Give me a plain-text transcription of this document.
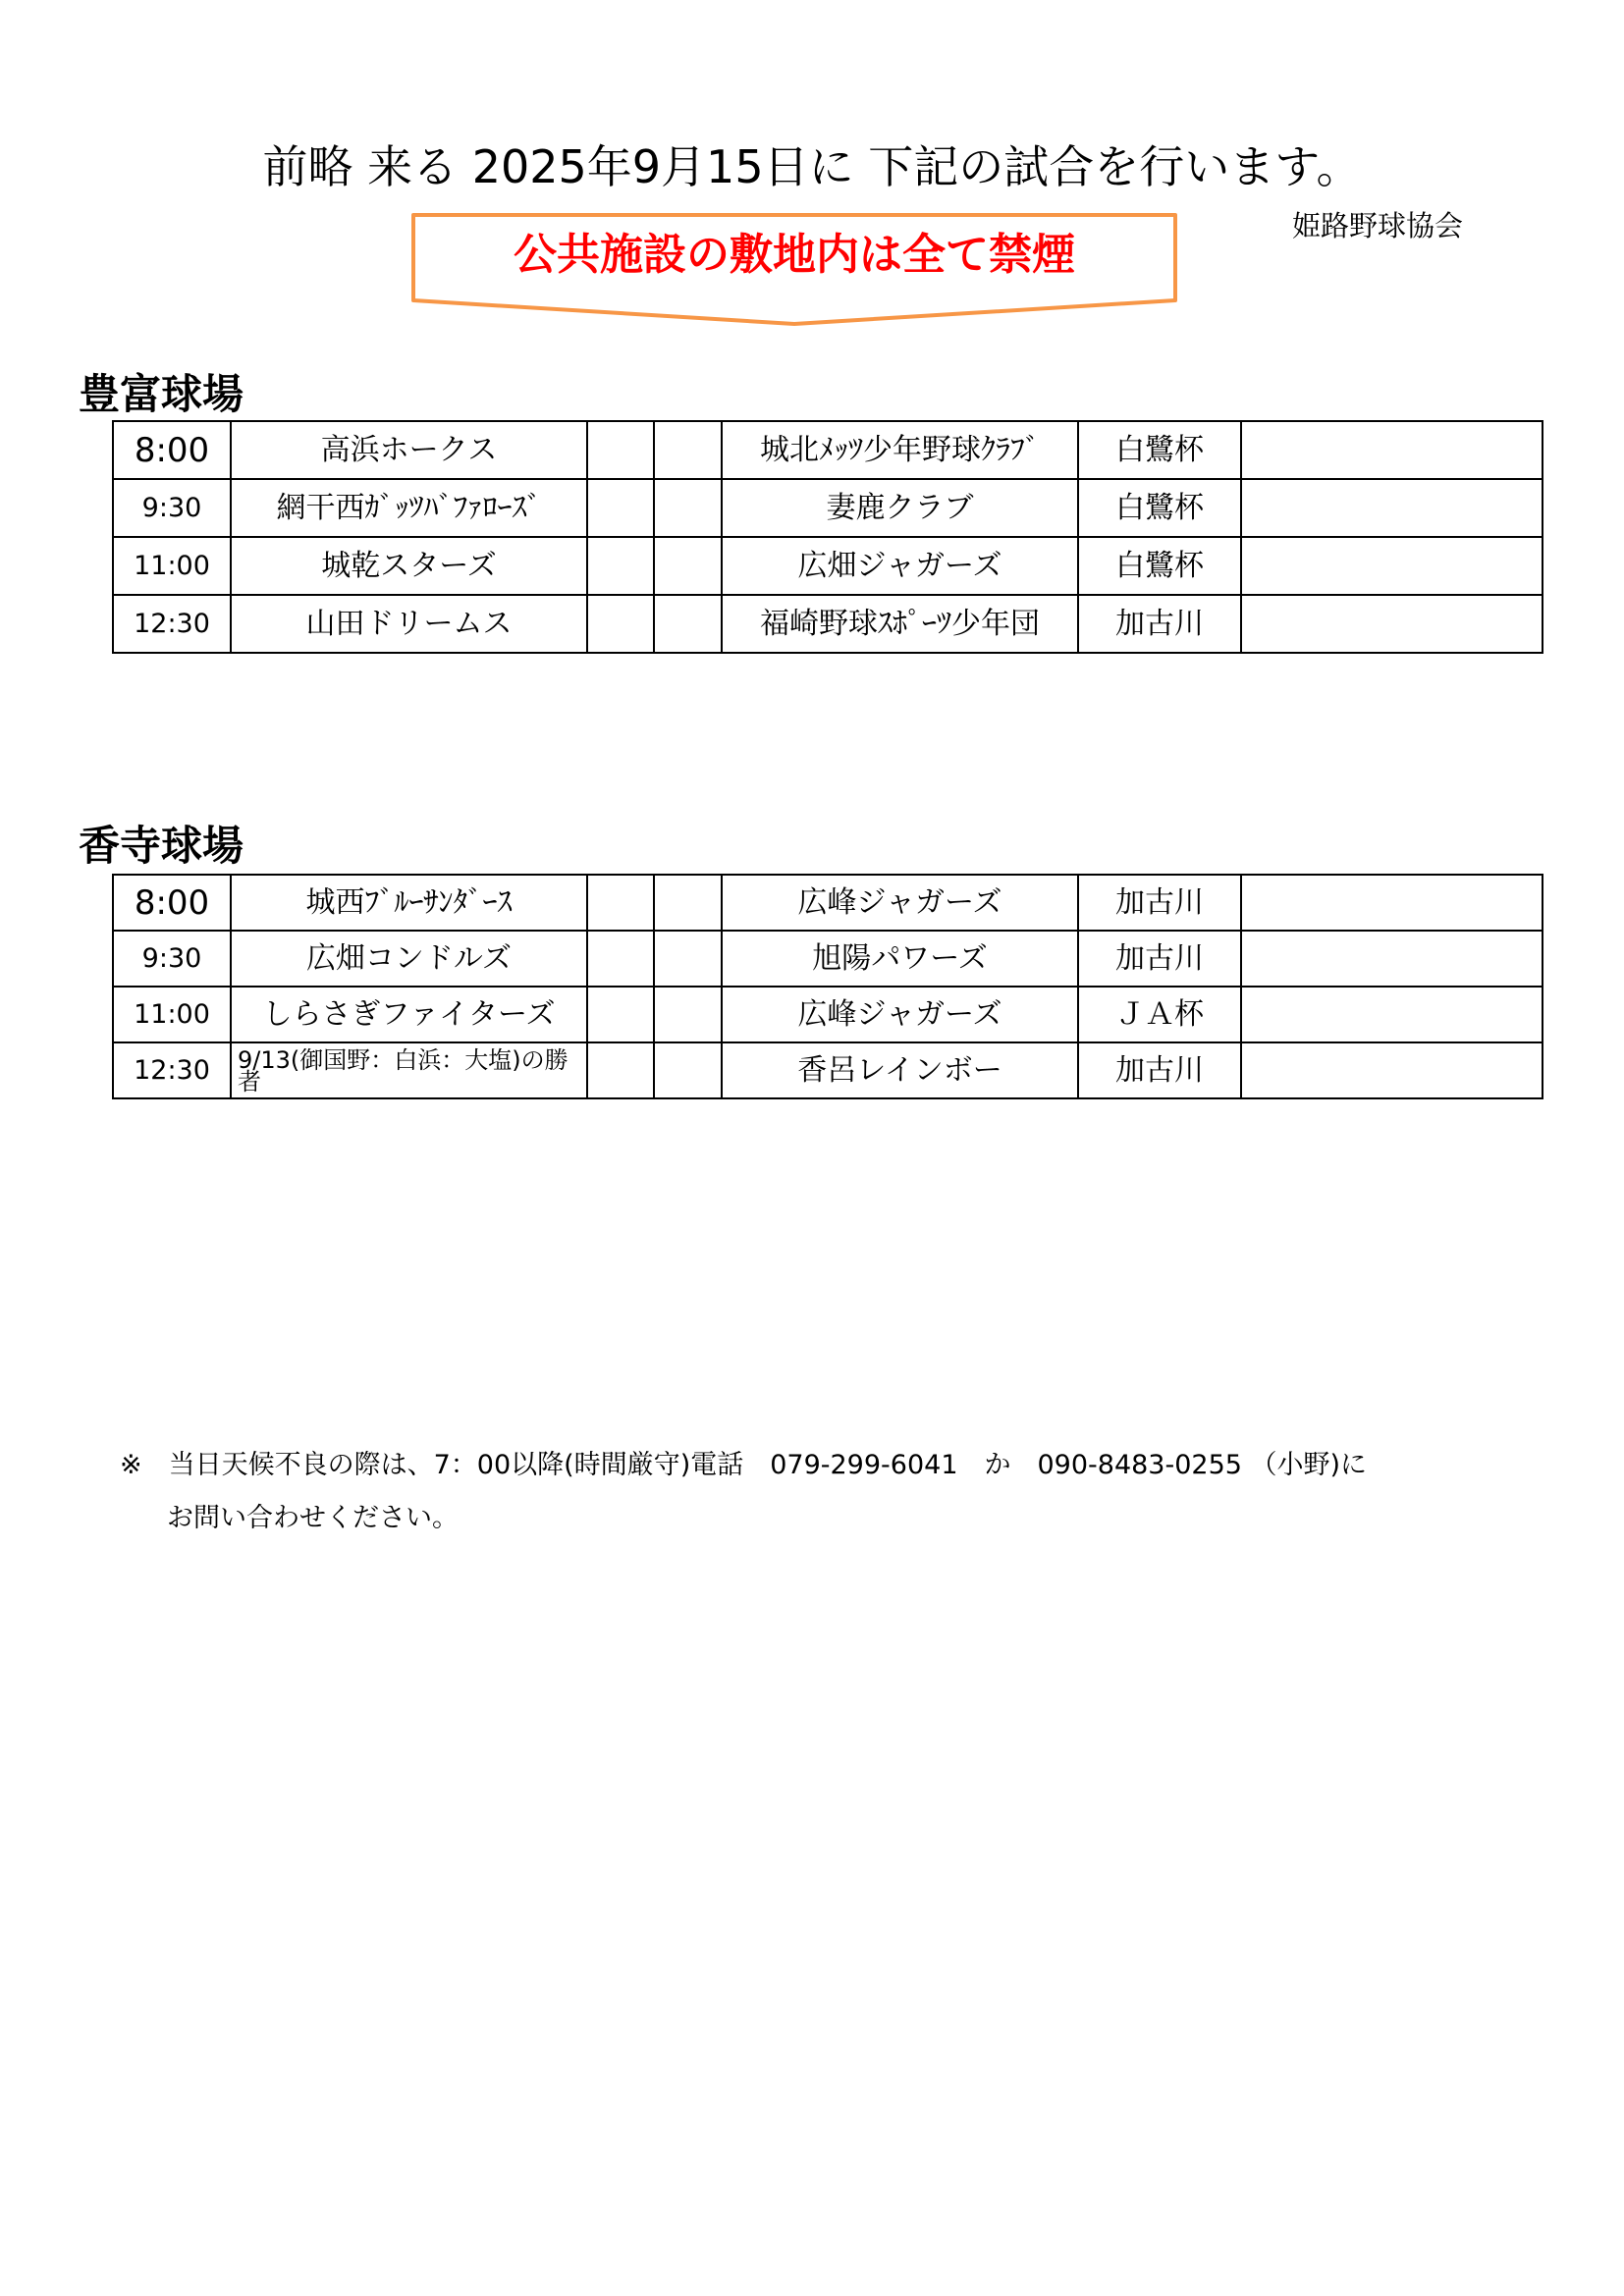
前略 来る 2025年9月15日に 下記の試合を行います。
姫路野球協会
公共施設の敷地内は全て禁煙
豊富球場
8:00	高浜ホークス			城北ﾒｯﾂ少年野球ｸﾗﾌﾞ	白鷺杯	
9:30	網干西ｶﾞｯﾂﾊﾞﾌｧﾛｰｽﾞ			妻鹿クラブ	白鷺杯	
11:00	城乾スターズ			広畑ジャガーズ	白鷺杯	
12:30	山田ドリームス			福崎野球ｽﾎﾟｰﾂ少年団	加古川	
香寺球場
8:00	城西ﾌﾞﾙｰｻﾝﾀﾞｰｽ			広峰ジャガーズ	加古川	
9:30	広畑コンドルズ			旭陽パワーズ	加古川	
11:00	しらさぎファイターズ			広峰ジャガーズ	ＪＡ杯	
12:30	9/13(御国野：白浜：大塩)の勝者			香呂レインボー	加古川	
※　当日天候不良の際は、7：00以降(時間厳守)電話　079-299-6041　か　090-8483-0255 （小野)に
お問い合わせください。
